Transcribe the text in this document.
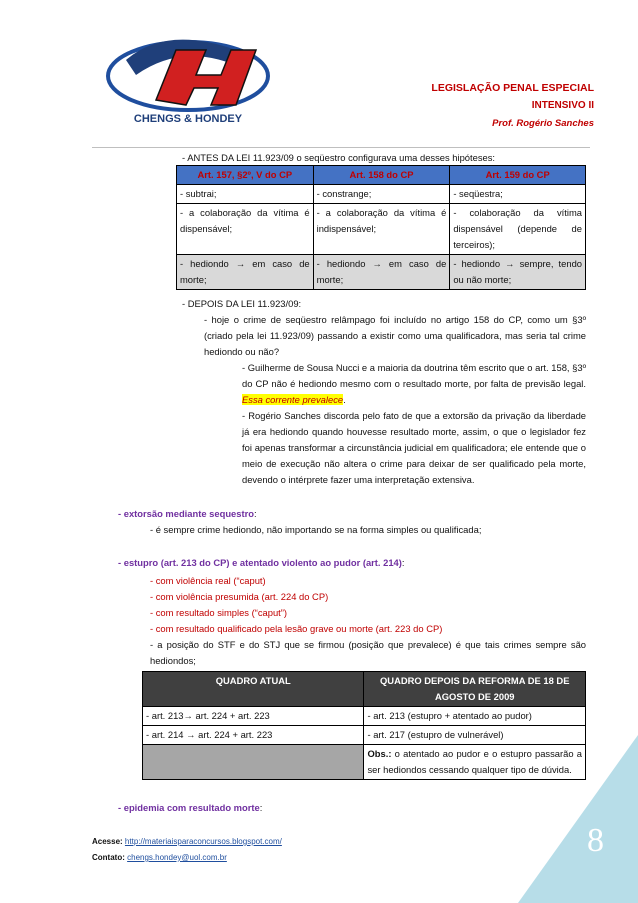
CHENGS & HONDEY
LEGISLAÇÃO PENAL ESPECIAL
INTENSIVO II
Prof. Rogério Sanches
- ANTES DA LEI 11.923/09 o seqüestro configurava uma desses hipóteses:
Art. 157, §2º, V do CP	Art. 158 do CP	Art. 159 do CP
- subtrai;	- constrange;	- seqüestra;
- a colaboração da vítima é dispensável;	- a colaboração da vítima é indispensável;	- colaboração da vítima dispensável (depende de terceiros);
- hediondo → em caso de morte;	- hediondo → em caso de morte;	- hediondo → sempre, tendo ou não morte;
- DEPOIS DA LEI 11.923/09:
- hoje o crime de seqüestro relâmpago foi incluído no artigo 158 do CP, como um §3º (criado pela lei 11.923/09) passando a existir como uma qualificadora, mas seria tal crime hediondo ou não?
- Guilherme de Sousa Nucci e a maioria da doutrina têm escrito que o art. 158, §3º do CP não é hediondo mesmo com o resultado morte, por falta de previsão legal. Essa corrente prevalece.
- Rogério Sanches discorda pelo fato de que a extorsão da privação da liberdade já era hediondo quando houvesse resultado morte, assim, o que o legislador fez foi apenas transformar a circunstância judicial em qualificadora; ele entende que o meio de execução não altera o crime para deixar de ser qualificado pela morte, devendo o intérprete fazer uma interpretação extensiva.
- extorsão mediante sequestro:
- é sempre crime hediondo, não importando se na forma simples ou qualificada;
- estupro (art. 213 do CP) e atentado violento ao pudor (art. 214):
- com violência real (“caput)
- com violência presumida (art. 224 do CP)
- com resultado simples (“caput”)
- com resultado qualificado pela lesão grave ou morte (art. 223 do CP)
- a posição do STF e do STJ que se firmou (posição que prevalece) é que tais crimes sempre são hediondos;
QUADRO ATUAL	QUADRO DEPOIS DA REFORMA DE 18 DE AGOSTO DE 2009
- art. 213→ art. 224 + art. 223	- art. 213 (estupro + atentado ao pudor)
- art. 214 → art. 224 + art. 223	- art. 217 (estupro de vulnerável)
	Obs.: o atentado ao pudor e o estupro passarão a ser hediondos cessando qualquer tipo de dúvida.
- epidemia com resultado morte:
8
Acesse: http://materiaisparaconcursos.blogspot.com/
Contato: chengs.hondey@uol.com.br
